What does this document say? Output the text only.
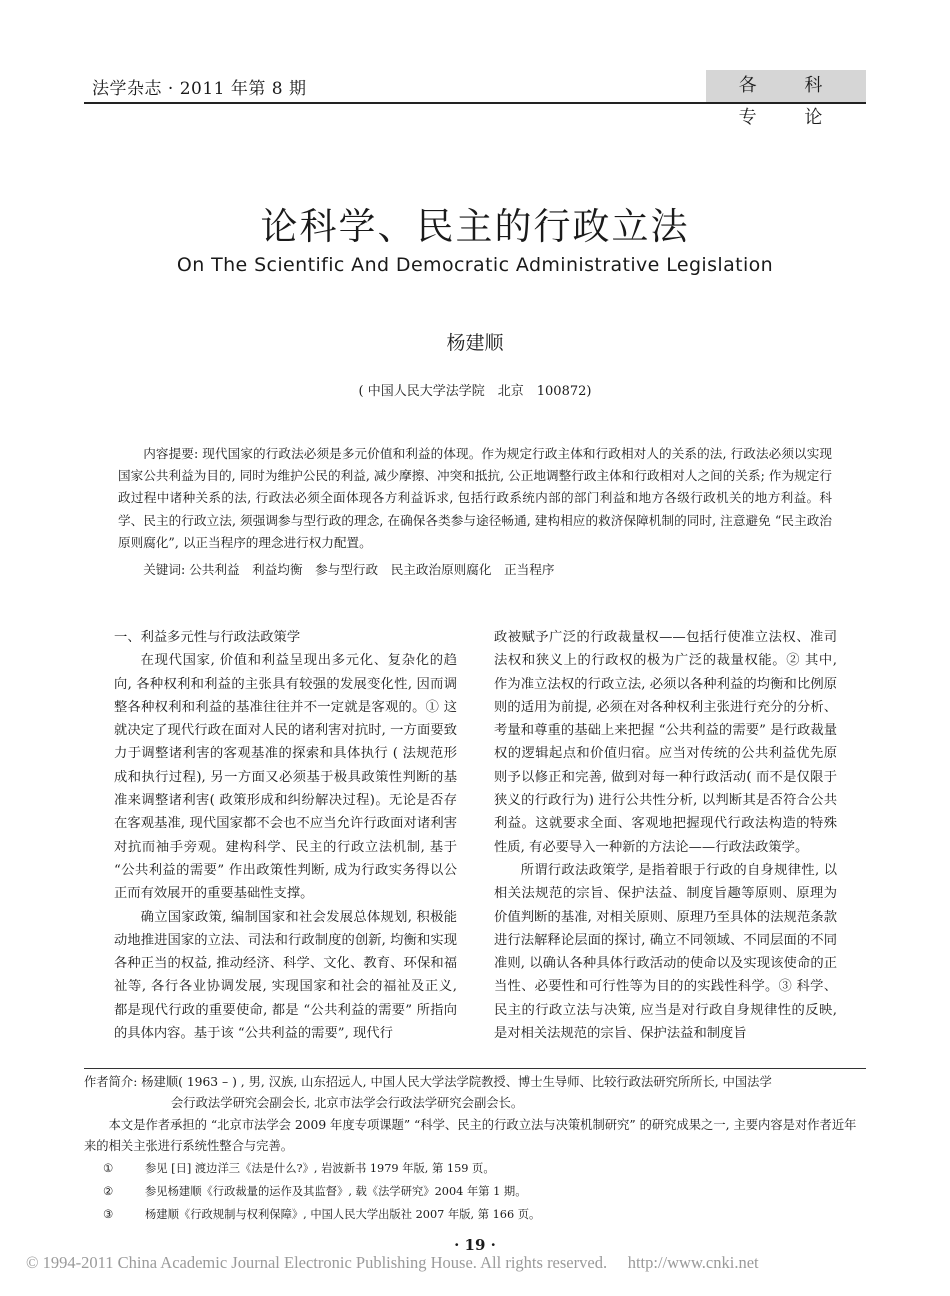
法学杂志 · 2011 年第 8 期	各 科 专 论
论科学、民主的行政立法
On The Scientific And Democratic Administrative Legislation
杨建顺
( 中国人民大学法学院　北京　100872)
内容提要: 现代国家的行政法必须是多元价值和利益的体现。作为规定行政主体和行政相对人的关系的法, 行政法必须以实现国家公共利益为目的, 同时为维护公民的利益, 减少摩擦、冲突和抵抗, 公正地调整行政主体和行政相对人之间的关系; 作为规定行政过程中诸种关系的法, 行政法必须全面体现各方利益诉求, 包括行政系统内部的部门利益和地方各级行政机关的地方利益。科学、民主的行政立法, 须强调参与型行政的理念, 在确保各类参与途径畅通, 建构相应的救济保障机制的同时, 注意避免 “民主政治原则腐化”, 以正当程序的理念进行权力配置。
关键词: 公共利益　利益均衡　参与型行政　民主政治原则腐化　正当程序

一、利益多元性与行政法政策学

在现代国家, 价值和利益呈现出多元化、复杂化的趋向, 各种权利和利益的主张具有较强的发展变化性, 因而调整各种权利和利益的基准往往并不一定就是客观的。① 这就决定了现代行政在面对人民的诸利害对抗时, 一方面要致力于调整诸利害的客观基准的探索和具体执行 ( 法规范形成和执行过程), 另一方面又必须基于极具政策性判断的基准来调整诸利害( 政策形成和纠纷解决过程)。无论是否存在客观基准, 现代国家都不会也不应当允许行政面对诸利害对抗而袖手旁观。建构科学、民主的行政立法机制, 基于 “公共利益的需要” 作出政策性判断, 成为行政实务得以公正而有效展开的重要基础性支撑。

确立国家政策, 编制国家和社会发展总体规划, 积极能动地推进国家的立法、司法和行政制度的创新, 均衡和实现各种正当的权益, 推动经济、科学、文化、教育、环保和福祉等, 各行各业协调发展, 实现国家和社会的福祉及正义, 都是现代行政的重要使命, 都是 “公共利益的需要” 所指向的具体内容。基于该 “公共利益的需要”, 现代行

政被赋予广泛的行政裁量权——包括行使准立法权、准司法权和狭义上的行政权的极为广泛的裁量权能。② 其中, 作为准立法权的行政立法, 必须以各种利益的均衡和比例原则的适用为前提, 必须在对各种权利主张进行充分的分析、考量和尊重的基础上来把握 “公共利益的需要” 是行政裁量权的逻辑起点和价值归宿。应当对传统的公共利益优先原则予以修正和完善, 做到对每一种行政活动( 而不是仅限于狭义的行政行为) 进行公共性分析, 以判断其是否符合公共利益。这就要求全面、客观地把握现代行政法构造的特殊性质, 有必要导入一种新的方法论——行政法政策学。

所谓行政法政策学, 是指着眼于行政的自身规律性, 以相关法规范的宗旨、保护法益、制度旨趣等原则、原理为价值判断的基准, 对相关原则、原理乃至具体的法规范条款进行法解释论层面的探讨, 确立不同领域、不同层面的不同准则, 以确认各种具体行政活动的使命以及实现该使命的正当性、必要性和可行性等为目的的实践性科学。③ 科学、民主的行政立法与决策, 应当是对行政自身规律性的反映, 是对相关法规范的宗旨、保护法益和制度旨

作者简介: 杨建顺( 1963 – ) , 男, 汉族, 山东招远人, 中国人民大学法学院教授、博士生导师、比较行政法研究所所长, 中国法学

会行政法学研究会副会长, 北京市法学会行政法学研究会副会长。

本文是作者承担的 “北京市法学会 2009 年度专项课题” “科学、民主的行政立法与决策机制研究” 的研究成果之一, 主要内容是对作者近年来的相关主张进行系统性整合与完善。

①	参见 [日] 渡边洋三《法是什么?》, 岩波新书 1979 年版, 第 159 页。
②	参见杨建顺《行政裁量的运作及其监督》, 载《法学研究》2004 年第 1 期。
③	杨建顺《行政规制与权利保障》, 中国人民大学出版社 2007 年版, 第 166 页。
· 19 ·
© 1994-2011 China Academic Journal Electronic Publishing House. All rights reserved.　 http://www.cnki.net
